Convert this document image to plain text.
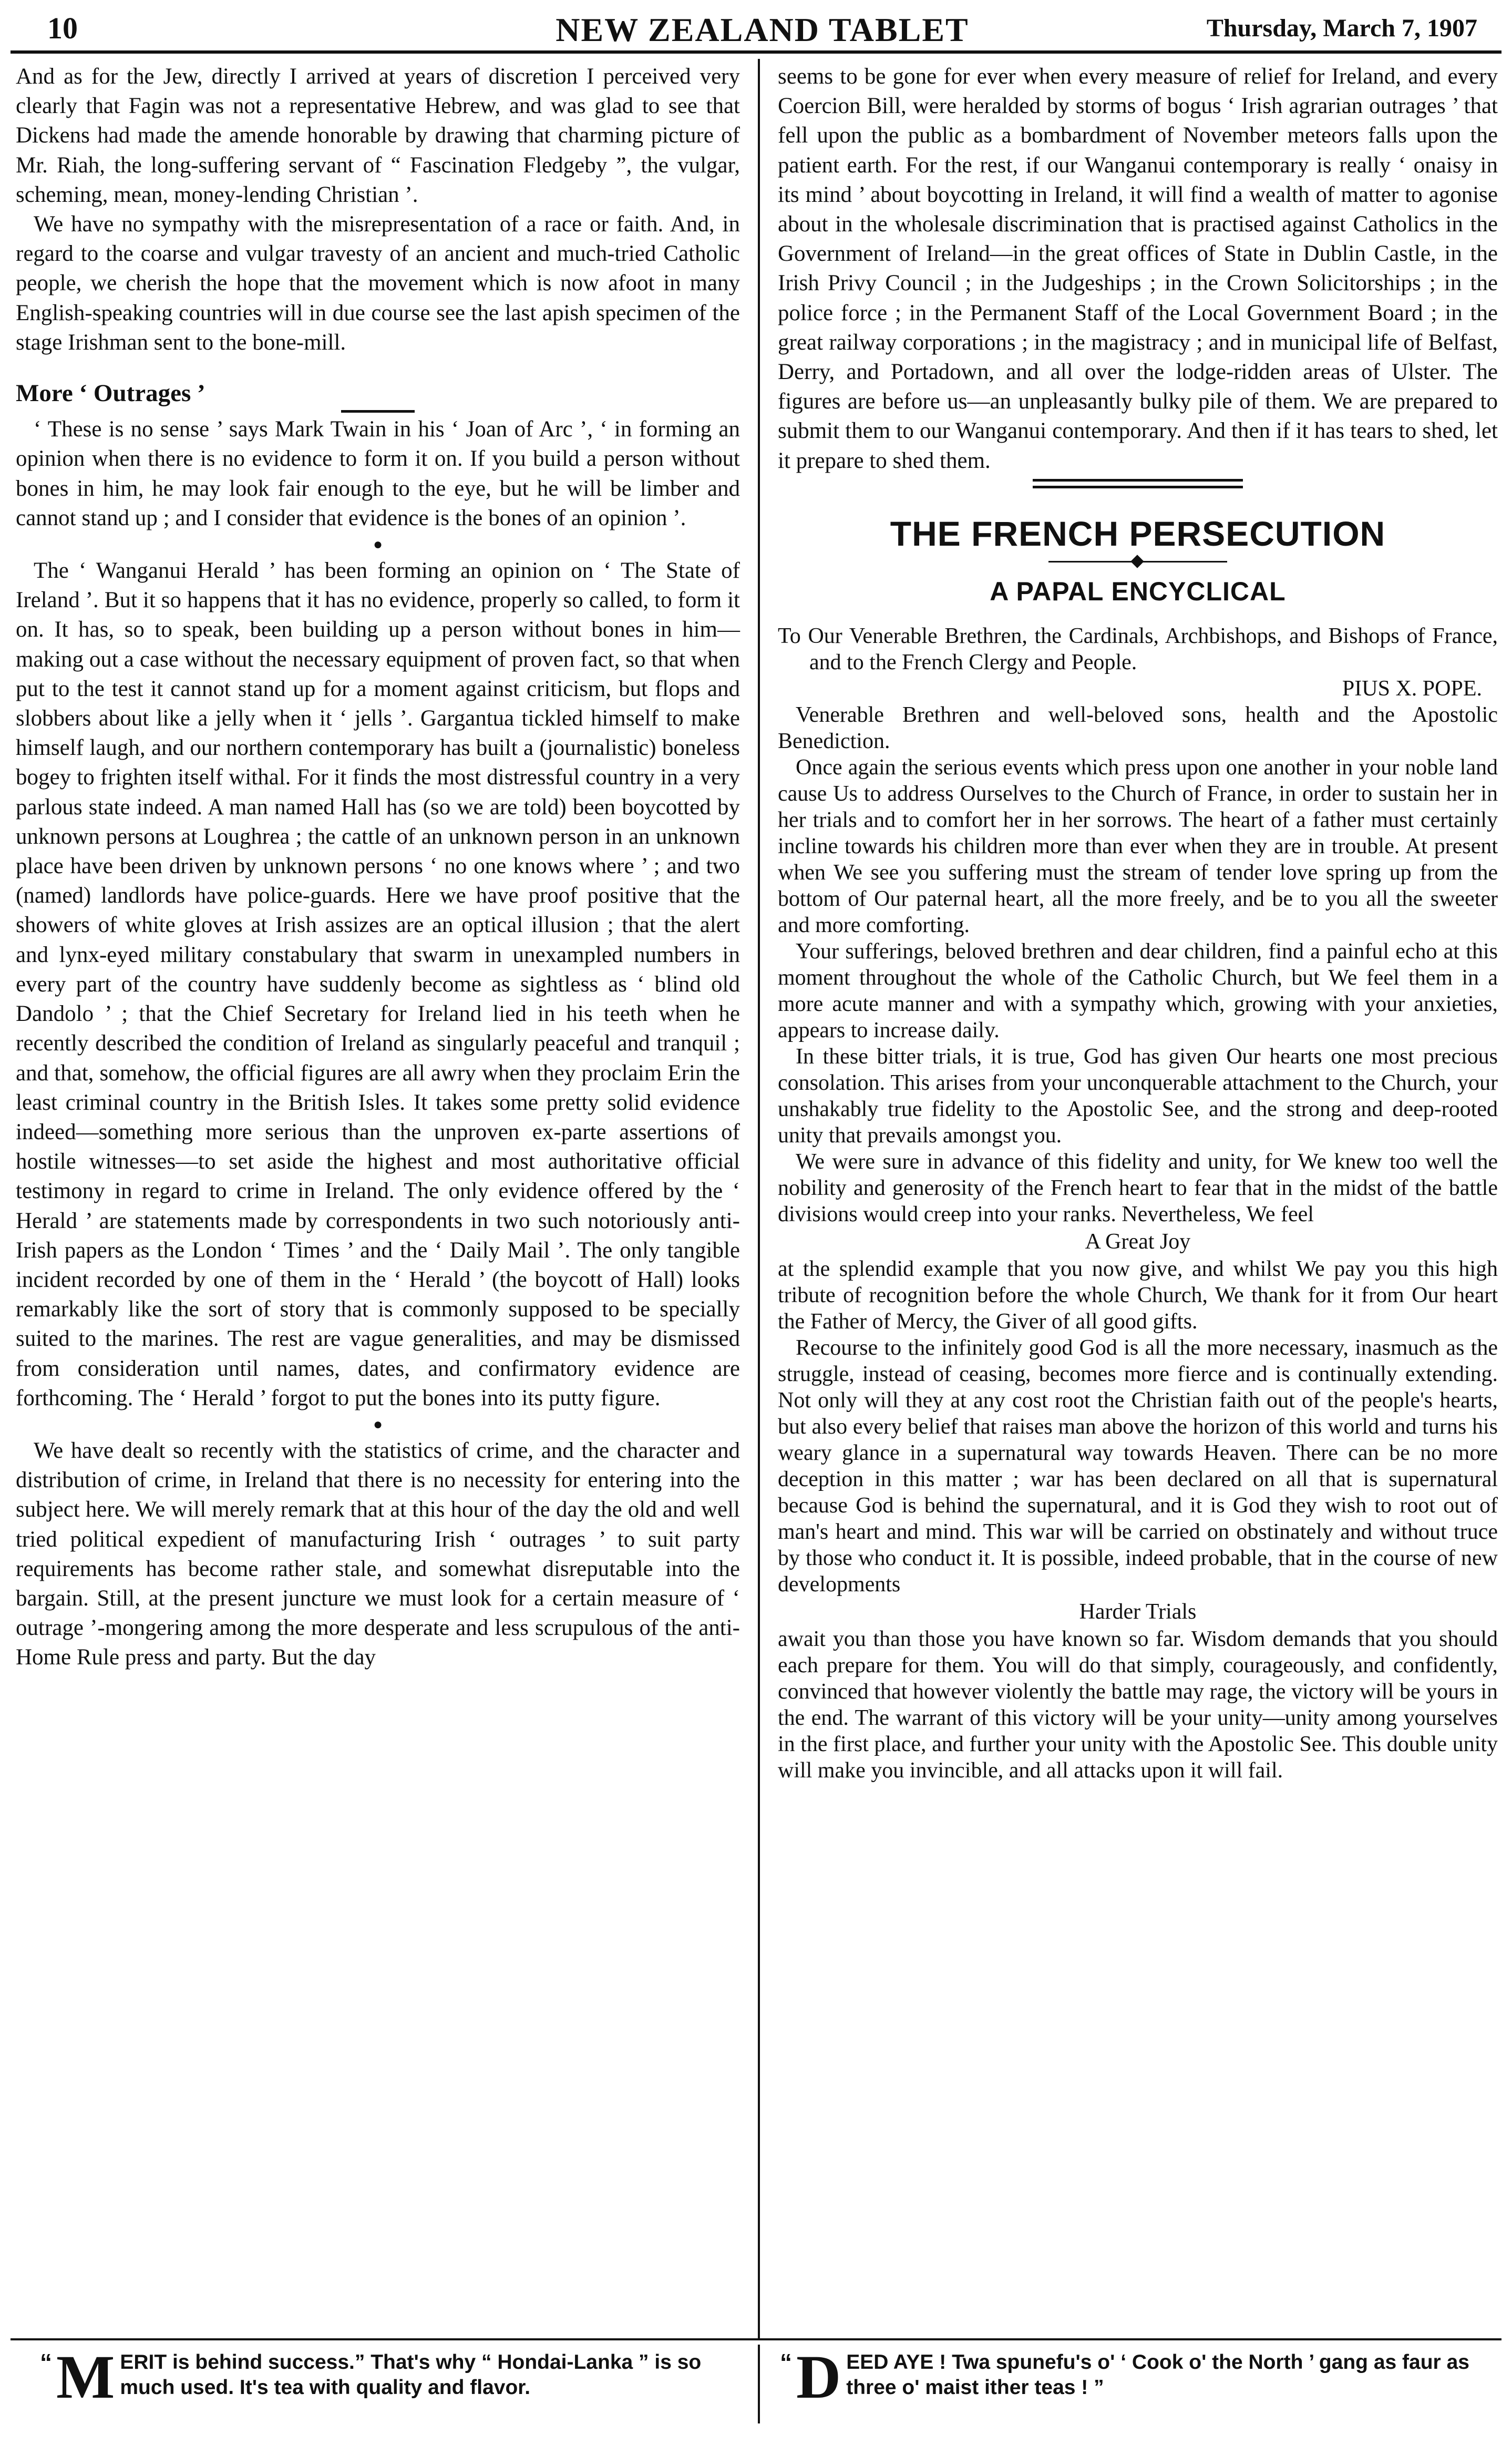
10	NEW ZEALAND TABLET	Thursday, March 7, 1907

And as for the Jew, directly I arrived at years of discretion I perceived very clearly that Fagin was not a representative Hebrew, and was glad to see that Dickens had made the amende honorable by drawing that charming picture of Mr. Riah, the long-suffering servant of “ Fascination Fledgeby ”, the vulgar, scheming, mean, money-lending Christian ’.

We have no sympathy with the misrepresentation of a race or faith. And, in regard to the coarse and vulgar travesty of an ancient and much-tried Catholic people, we cherish the hope that the movement which is now afoot in many English-speaking countries will in due course see the last apish specimen of the stage Irishman sent to the bone-mill.

More ‘ Outrages ’

‘ These is no sense ’ says Mark Twain in his ‘ Joan of Arc ’, ‘ in forming an opinion when there is no evidence to form it on. If you build a person without bones in him, he may look fair enough to the eye, but he will be limber and cannot stand up ; and I consider that evidence is the bones of an opinion ’.

●

The ‘ Wanganui Herald ’ has been forming an opinion on ‘ The State of Ireland ’. But it so happens that it has no evidence, properly so called, to form it on. It has, so to speak, been building up a person without bones in him—making out a case without the necessary equipment of proven fact, so that when put to the test it cannot stand up for a moment against criticism, but flops and slobbers about like a jelly when it ‘ jells ’. Gargantua tickled himself to make himself laugh, and our northern contemporary has built a (journalistic) boneless bogey to frighten itself withal. For it finds the most distressful country in a very parlous state indeed. A man named Hall has (so we are told) been boycotted by unknown persons at Loughrea ; the cattle of an unknown person in an unknown place have been driven by unknown persons ‘ no one knows where ’ ; and two (named) landlords have police-guards. Here we have proof positive that the showers of white gloves at Irish assizes are an optical illusion ; that the alert and lynx-eyed military constabulary that swarm in unexampled numbers in every part of the country have suddenly become as sightless as ‘ blind old Dandolo ’ ; that the Chief Secretary for Ireland lied in his teeth when he recently described the condition of Ireland as singularly peaceful and tranquil ; and that, somehow, the official figures are all awry when they proclaim Erin the least criminal country in the British Isles. It takes some pretty solid evidence indeed—something more serious than the unproven ex-parte assertions of hostile witnesses—to set aside the highest and most authoritative official testimony in regard to crime in Ireland. The only evidence offered by the ‘ Herald ’ are statements made by correspondents in two such notoriously anti-Irish papers as the London ‘ Times ’ and the ‘ Daily Mail ’. The only tangible incident recorded by one of them in the ‘ Herald ’ (the boycott of Hall) looks remarkably like the sort of story that is commonly supposed to be specially suited to the marines. The rest are vague generalities, and may be dismissed from consideration until names, dates, and confirmatory evidence are forthcoming. The ‘ Herald ’ forgot to put the bones into its putty figure.

●

We have dealt so recently with the statistics of crime, and the character and distribution of crime, in Ireland that there is no necessity for entering into the subject here. We will merely remark that at this hour of the day the old and well tried political expedient of manufacturing Irish ‘ outrages ’ to suit party requirements has become rather stale, and somewhat disreputable into the bargain. Still, at the present juncture we must look for a certain measure of ‘ outrage ’-mongering among the more desperate and less scrupulous of the anti-Home Rule press and party. But the day

seems to be gone for ever when every measure of relief for Ireland, and every Coercion Bill, were heralded by storms of bogus ‘ Irish agrarian outrages ’ that fell upon the public as a bombardment of November meteors falls upon the patient earth. For the rest, if our Wanganui contemporary is really ‘ onaisy in its mind ’ about boycotting in Ireland, it will find a wealth of matter to agonise about in the wholesale discrimination that is practised against Catholics in the Government of Ireland—in the great offices of State in Dublin Castle, in the Irish Privy Council ; in the Judgeships ; in the Crown Solicitorships ; in the police force ; in the Permanent Staff of the Local Government Board ; in the great railway corporations ; in the magistracy ; and in municipal life of Belfast, Derry, and Portadown, and all over the lodge-ridden areas of Ulster. The figures are before us—an unpleasantly bulky pile of them. We are prepared to submit them to our Wanganui contemporary. And then if it has tears to shed, let it prepare to shed them.

THE FRENCH PERSECUTION
A PAPAL ENCYCLICAL

To Our Venerable Brethren, the Cardinals, Archbishops, and Bishops of France, and to the French Clergy and People.

PIUS X. POPE.

Venerable Brethren and well-beloved sons, health and the Apostolic Benediction.

Once again the serious events which press upon one another in your noble land cause Us to address Ourselves to the Church of France, in order to sustain her in her trials and to comfort her in her sorrows. The heart of a father must certainly incline towards his children more than ever when they are in trouble. At present when We see you suffering must the stream of tender love spring up from the bottom of Our paternal heart, all the more freely, and be to you all the sweeter and more comforting.

Your sufferings, beloved brethren and dear children, find a painful echo at this moment throughout the whole of the Catholic Church, but We feel them in a more acute manner and with a sympathy which, growing with your anxieties, appears to increase daily.

In these bitter trials, it is true, God has given Our hearts one most precious consolation. This arises from your unconquerable attachment to the Church, your unshakably true fidelity to the Apostolic See, and the strong and deep-rooted unity that prevails amongst you.

We were sure in advance of this fidelity and unity, for We knew too well the nobility and generosity of the French heart to fear that in the midst of the battle divisions would creep into your ranks. Nevertheless, We feel

A Great Joy

at the splendid example that you now give, and whilst We pay you this high tribute of recognition before the whole Church, We thank for it from Our heart the Father of Mercy, the Giver of all good gifts.

Recourse to the infinitely good God is all the more necessary, inasmuch as the struggle, instead of ceasing, becomes more fierce and is continually extending. Not only will they at any cost root the Christian faith out of the people's hearts, but also every belief that raises man above the horizon of this world and turns his weary glance in a supernatural way towards Heaven. There can be no more deception in this matter ; war has been declared on all that is supernatural because God is behind the supernatural, and it is God they wish to root out of man's heart and mind. This war will be carried on obstinately and without truce by those who conduct it. It is possible, indeed probable, that in the course of new developments

Harder Trials

await you than those you have known so far. Wisdom demands that you should each prepare for them. You will do that simply, courageously, and confidently, convinced that however violently the battle may rage, the victory will be yours in the end. The warrant of this victory will be your unity—unity among yourselves in the first place, and further your unity with the Apostolic See. This double unity will make you invincible, and all attacks upon it will fail.

“ M ERIT is behind success.” That's why “ Hondai-Lanka ” is so much used. It's tea with quality and flavor.
“ D EED AYE ! Twa spunefu's o' ‘ Cook o' the North ’ gang as faur as three o' maist ither teas ! ”
